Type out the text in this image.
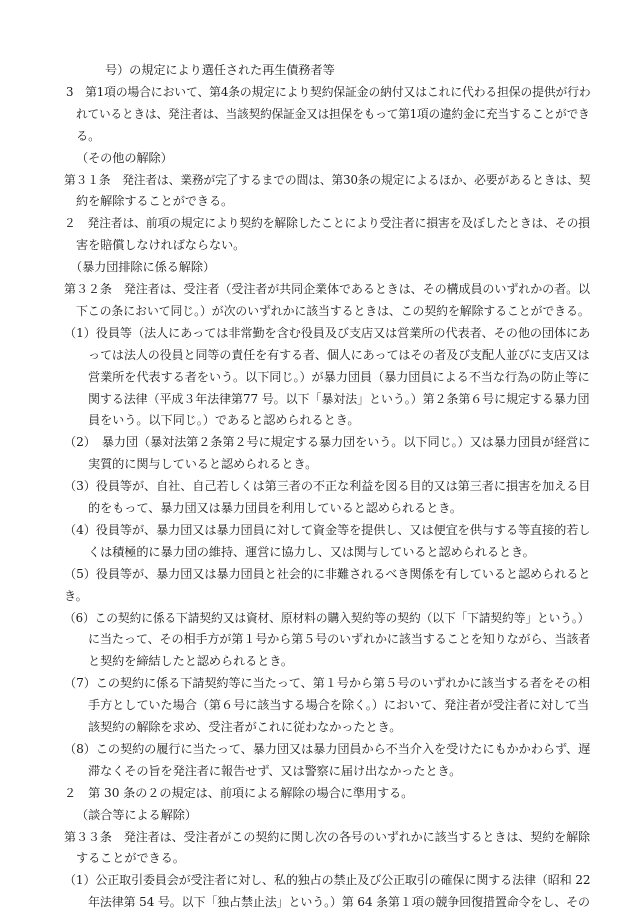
号）の規定により選任された再生債務者等
3　第1項の場合において、第4条の規定により契約保証金の納付又はこれに代わる担保の提供が行わ
れているときは、発注者は、当該契約保証金又は担保をもって第1項の違約金に充当することができ
る。
（その他の解除）
第３１条　発注者は、業務が完了するまでの間は、第30条の規定によるほか、必要があるときは、契
約を解除することができる。
２　発注者は、前項の規定により契約を解除したことにより受注者に損害を及ぼしたときは、その損
害を賠償しなければならない。
（暴力団排除に係る解除）
第３２条　発注者は、受注者（受注者が共同企業体であるときは、その構成員のいずれかの者。以
下この条において同じ。）が次のいずれかに該当するときは、この契約を解除することができる。
（1）役員等（法人にあっては非常勤を含む役員及び支店又は営業所の代表者、その他の団体にあ
っては法人の役員と同等の責任を有する者、個人にあってはその者及び支配人並びに支店又は
営業所を代表する者をいう。以下同じ。）が暴力団員（暴力団員による不当な行為の防止等に
関する法律（平成３年法律第77 号。以下「暴対法」という。）第２条第６号に規定する暴力団
員をいう。以下同じ。）であると認められるとき。
（2）　暴力団（暴対法第２条第２号に規定する暴力団をいう。以下同じ。）又は暴力団員が経営に
実質的に関与していると認められるとき。
（3）役員等が、自社、自己若しくは第三者の不正な利益を図る目的又は第三者に損害を加える目
的をもって、暴力団又は暴力団員を利用していると認められるとき。
（4）役員等が、暴力団又は暴力団員に対して資金等を提供し、又は便宜を供与する等直接的若し
くは積極的に暴力団の維持、運営に協力し、又は関与していると認められるとき。
（5）役員等が、暴力団又は暴力団員と社会的に非難されるべき関係を有していると認められると
き。
（6）この契約に係る下請契約又は資材、原材料の購入契約等の契約（以下「下請契約等」という。）
に当たって、その相手方が第１号から第５号のいずれかに該当することを知りながら、当該者
と契約を締結したと認められるとき。
（7）この契約に係る下請契約等に当たって、第１号から第５号のいずれかに該当する者をその相
手方としていた場合（第６号に該当する場合を除く。）において、発注者が受注者に対して当
該契約の解除を求め、受注者がこれに従わなかったとき。
（8）この契約の履行に当たって、暴力団又は暴力団員から不当介入を受けたにもかかわらず、遅
滞なくその旨を発注者に報告せず、又は警察に届け出なかったとき。
２　第 30 条の２の規定は、前項による解除の場合に準用する。
（談合等による解除）
第３３条　発注者は、受注者がこの契約に関し次の各号のいずれかに該当するときは、契約を解除
することができる。
（1）公正取引委員会が受注者に対し、私的独占の禁止及び公正取引の確保に関する法律（昭和 22
年法律第 54 号。以下「独占禁止法」という。）第 64 条第１項の競争回復措置命令をし、その
